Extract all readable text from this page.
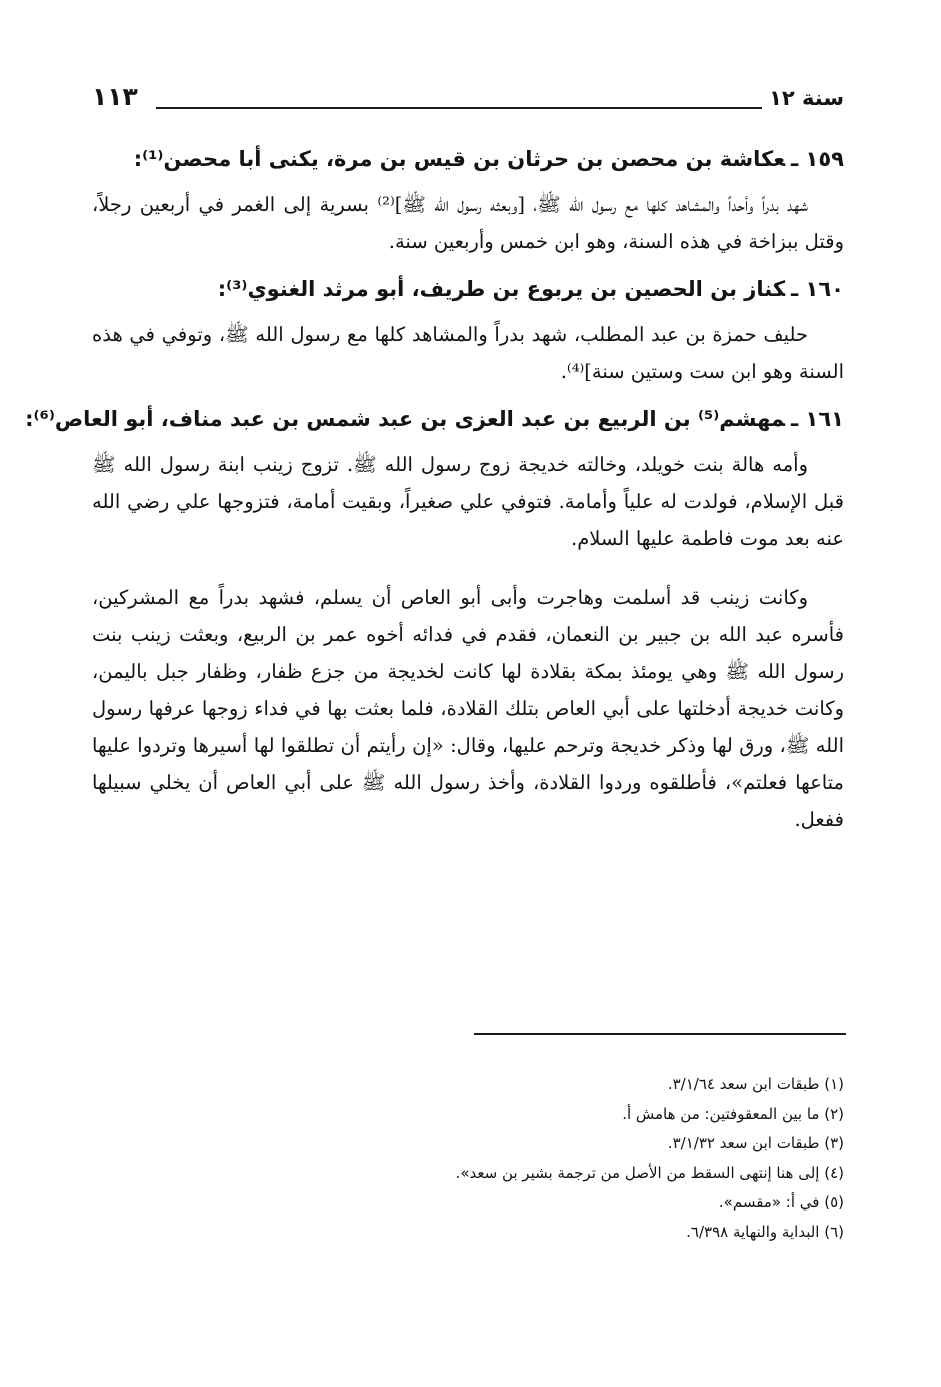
سنة ١٢
١١٣
١٥٩ ـعكاشة بن محصن بن حرثان بن قيس بن مرة، يكنى أبا محصن⁽¹⁾:

شهد بدراً وأحداً والمشاهد كلها مع رسول الله ﷺ، [وبعثه رسول الله ﷺ]⁽²⁾ بسرية إلى الغمر في أربعين رجلاً، وقتل ببزاخة في هذه السنة، وهو ابن خمس وأربعين سنة.

١٦٠ ـكناز بن الحصين بن يربوع بن طريف، أبو مرثد الغنوي⁽³⁾:

حليف حمزة بن عبد المطلب، شهد بدراً والمشاهد كلها مع رسول الله ﷺ، وتوفي في هذه السنة وهو ابن ست وستين سنة]⁽⁴⁾.

١٦١ ـمهشم⁽⁵⁾ بن الربيع بن عبد العزى بن عبد شمس بن عبد مناف، أبو العاص⁽⁶⁾:

وأمه هالة بنت خويلد، وخالته خديجة زوج رسول الله ﷺ. تزوج زينب ابنة رسول الله ﷺ قبل الإسلام، فولدت له علياً وأمامة. فتوفي علي صغيراً، وبقيت أمامة، فتزوجها علي رضي الله عنه بعد موت فاطمة عليها السلام.

وكانت زينب قد أسلمت وهاجرت وأبى أبو العاص أن يسلم، فشهد بدراً مع المشركين، فأسره عبد الله بن جبير بن النعمان، فقدم في فدائه أخوه عمر بن الربيع، وبعثت زينب بنت رسول الله ﷺ وهي يومئذ بمكة بقلادة لها كانت لخديجة من جزع ظفار، وظفار جبل باليمن، وكانت خديجة أدخلتها على أبي العاص بتلك القلادة، فلما بعثت بها في فداء زوجها عرفها رسول الله ﷺ، ورق لها وذكر خديجة وترحم عليها، وقال: «إن رأيتم أن تطلقوا لها أسيرها وتردوا عليها متاعها فعلتم»، فأطلقوه وردوا القلادة، وأخذ رسول الله ﷺ على أبي العاص أن يخلي سبيلها ففعل.

(١) طبقات ابن سعد ٣/١/٦٤.

(٢) ما بين المعقوفتين: من هامش أ.

(٣) طبقات ابن سعد ٣/١/٣٢.

(٤) إلى هنا إنتهى السقط من الأصل من ترجمة بشير بن سعد».

(٥) في أ: «مقسم».

(٦) البداية والنهاية ٦/٣٩٨.
